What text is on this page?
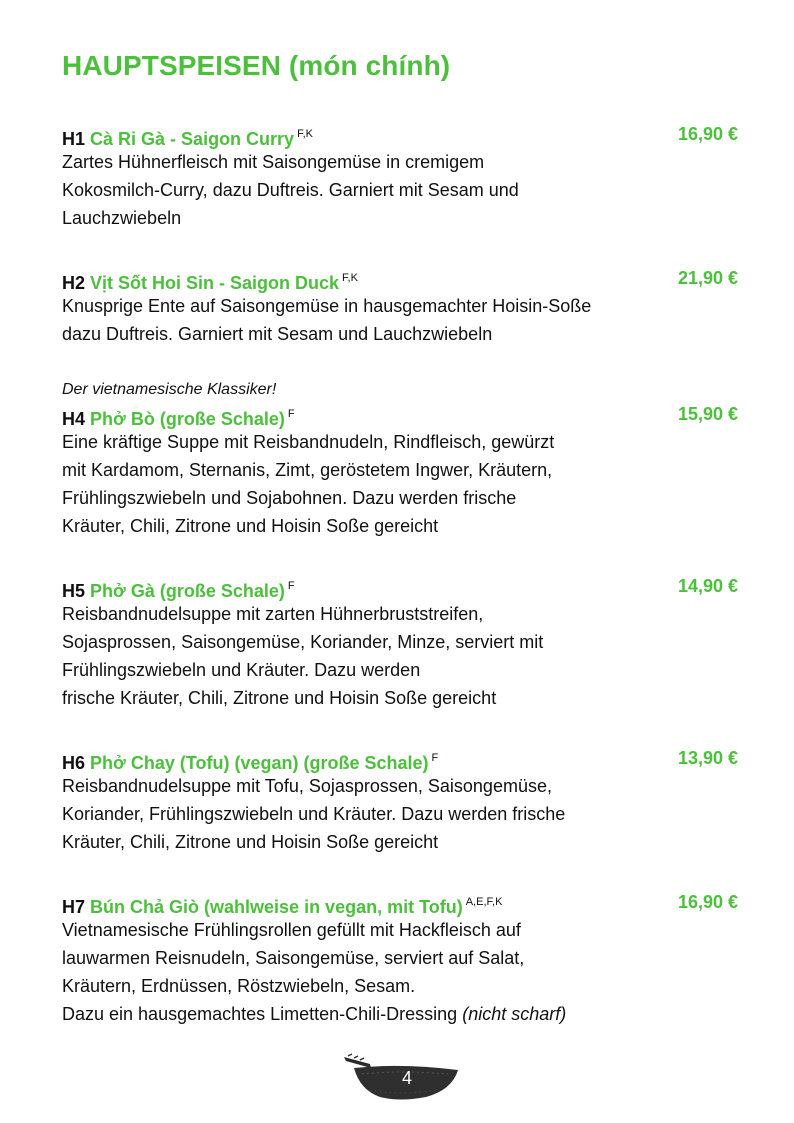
HAUPTSPEISEN (món chính)
H1 Cà Ri Gà - Saigon Curry $^{F,K}$	16,90 €

Zartes Hühnerfleisch mit Saisongemüse in cremigem

Kokosmilch-Curry, dazu Duftreis. Garniert mit Sesam und

Lauchzwiebeln

H2 Vịt Sốt Hoi Sin - Saigon Duck $^{F,K}$	21,90 €

Knusprige Ente auf Saisongemüse in hausgemachter Hoisin-Soße

dazu Duftreis. Garniert mit Sesam und Lauchzwiebeln

Der vietnamesische Klassiker!

H4 Phở Bò (große Schale) $^F$	15,90 €

Eine kräftige Suppe mit Reisbandnudeln, Rindfleisch, gewürzt

mit Kardamom, Sternanis, Zimt, geröstetem Ingwer, Kräutern,

Frühlingszwiebeln und Sojabohnen. Dazu werden frische

Kräuter, Chili, Zitrone und Hoisin Soße gereicht

H5 Phở Gà (große Schale) $^F$	14,90 €

Reisbandnudelsuppe mit zarten Hühnerbruststreifen,

Sojasprossen, Saisongemüse, Koriander, Minze, serviert mit

Frühlingszwiebeln und Kräuter. Dazu werden

frische Kräuter, Chili, Zitrone und Hoisin Soße gereicht

H6 Phở Chay (Tofu) (vegan) (große Schale) $^F$	13,90 €

Reisbandnudelsuppe mit Tofu, Sojasprossen, Saisongemüse,

Koriander, Frühlingszwiebeln und Kräuter. Dazu werden frische

Kräuter, Chili, Zitrone und Hoisin Soße gereicht

H7 Bún Chả Giò (wahlweise in vegan, mit Tofu) $^{A,E,F,K}$	16,90 €

Vietnamesische Frühlingsrollen gefüllt mit Hackfleisch auf

lauwarmen Reisnudeln, Saisongemüse, serviert auf Salat,

Kräutern, Erdnüssen, Röstzwiebeln, Sesam.

Dazu ein hausgemachtes Limetten-Chili-Dressing (nicht scharf)

4
